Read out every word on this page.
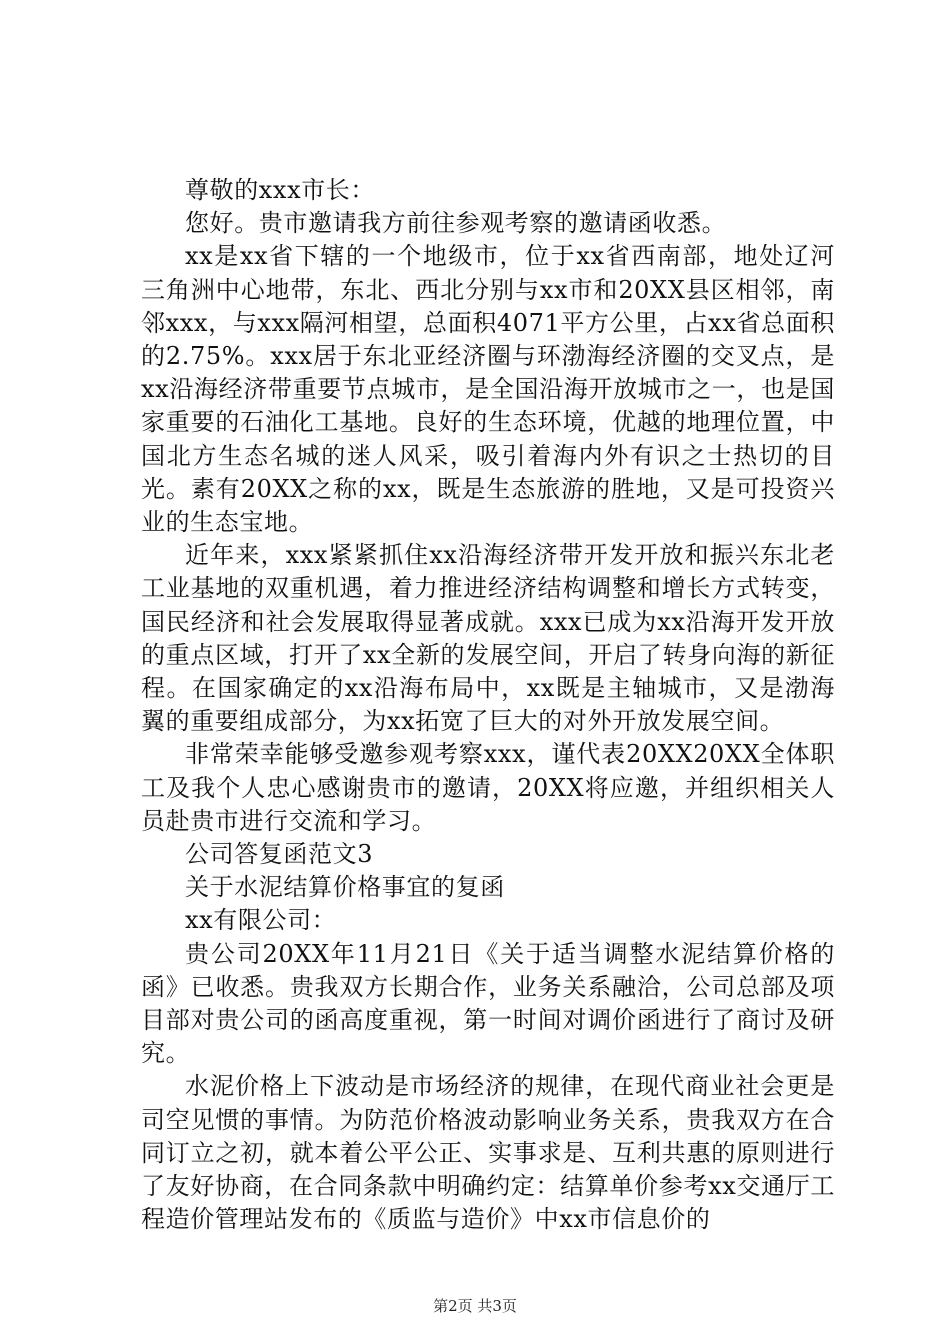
尊敬的xxx市长：

您好。贵市邀请我方前往参观考察的邀请函收悉。

xx是xx省下辖的一个地级市，位于xx省西南部，地处辽河三角洲中心地带，东北、西北分别与xx市和20XX县区相邻，南邻xxx，与xxx隔河相望，总面积4071平方公里，占xx省总面积的2.75%。xxx居于东北亚经济圈与环渤海经济圈的交叉点，是xx沿海经济带重要节点城市，是全国沿海开放城市之一，也是国家重要的石油化工基地。良好的生态环境，优越的地理位置，中国北方生态名城的迷人风采，吸引着海内外有识之士热切的目光。素有20XX之称的xx，既是生态旅游的胜地，又是可投资兴业的生态宝地。

近年来，xxx紧紧抓住xx沿海经济带开发开放和振兴东北老工业基地的双重机遇，着力推进经济结构调整和增长方式转变，国民经济和社会发展取得显著成就。xxx已成为xx沿海开发开放的重点区域，打开了xx全新的发展空间，开启了转身向海的新征程。在国家确定的xx沿海布局中，xx既是主轴城市，又是渤海翼的重要组成部分，为xx拓宽了巨大的对外开放发展空间。

非常荣幸能够受邀参观考察xxx，谨代表20XX20XX全体职工及我个人忠心感谢贵市的邀请，20XX将应邀，并组织相关人员赴贵市进行交流和学习。

公司答复函范文3

关于水泥结算价格事宜的复函

xx有限公司：

贵公司20XX年11月21日《关于适当调整水泥结算价格的函》已收悉。贵我双方长期合作，业务关系融洽，公司总部及项目部对贵公司的函高度重视，第一时间对调价函进行了商讨及研究。

水泥价格上下波动是市场经济的规律，在现代商业社会更是司空见惯的事情。为防范价格波动影响业务关系，贵我双方在合同订立之初，就本着公平公正、实事求是、互利共惠的原则进行了友好协商，在合同条款中明确约定：结算单价参考xx交通厅工程造价管理站发布的《质监与造价》中xx市信息价的

第2页 共3页
